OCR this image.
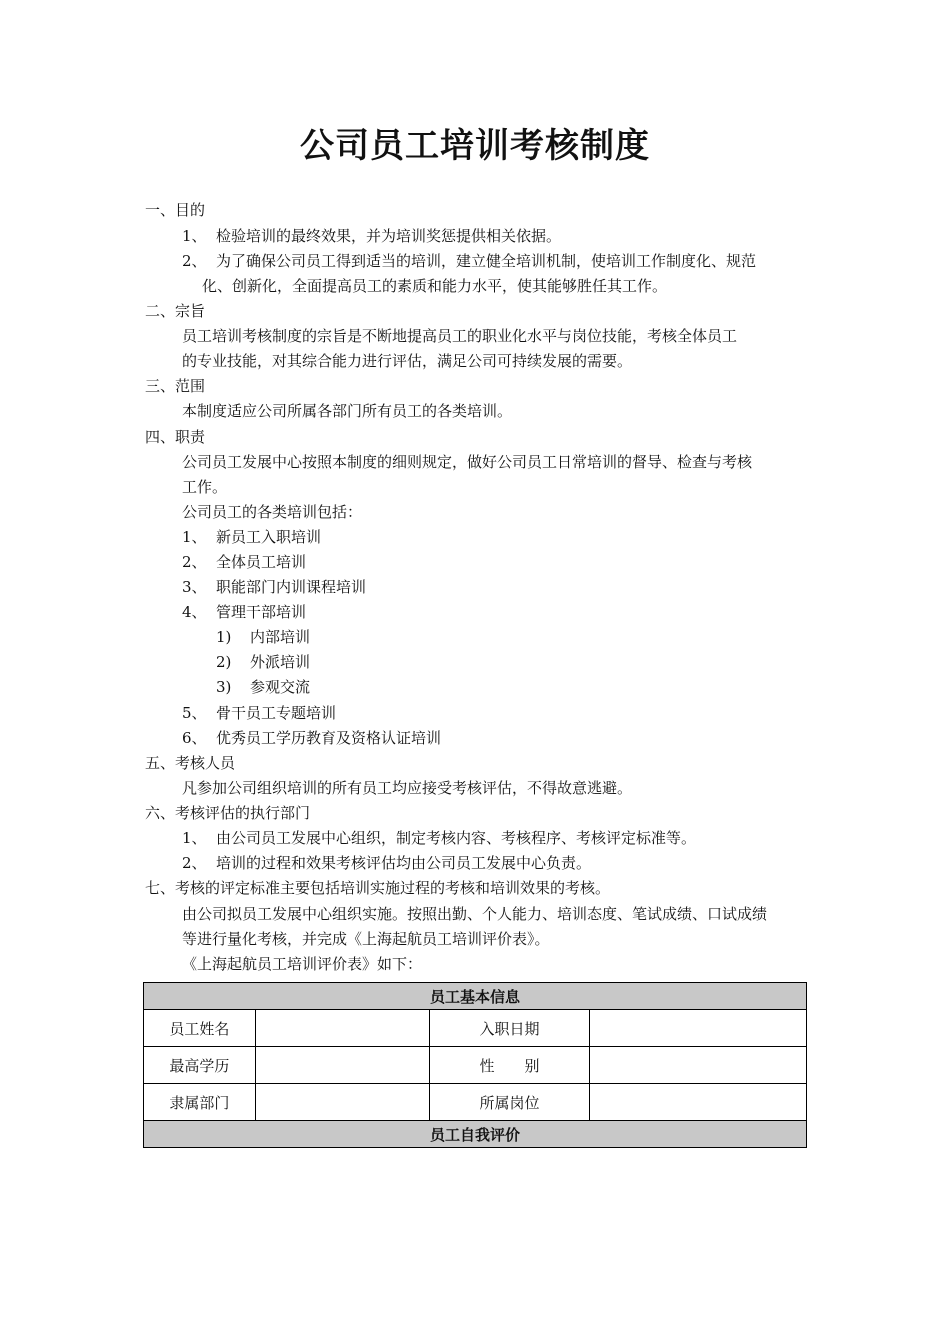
公司员工培训考核制度
一、目的
1、 检验培训的最终效果，并为培训奖惩提供相关依据。
2、 为了确保公司员工得到适当的培训，建立健全培训机制，使培训工作制度化、规范
化、创新化，全面提高员工的素质和能力水平，使其能够胜任其工作。
二、宗旨
员工培训考核制度的宗旨是不断地提高员工的职业化水平与岗位技能，考核全体员工
的专业技能，对其综合能力进行评估，满足公司可持续发展的需要。
三、范围
本制度适应公司所属各部门所有员工的各类培训。
四、职责
公司员工发展中心按照本制度的细则规定，做好公司员工日常培训的督导、检查与考核
工作。
公司员工的各类培训包括：
1、 新员工入职培训
2、 全体员工培训
3、 职能部门内训课程培训
4、 管理干部培训
1)	内部培训
2)	外派培训
3)	参观交流
5、 骨干员工专题培训
6、 优秀员工学历教育及资格认证培训
五、考核人员
凡参加公司组织培训的所有员工均应接受考核评估，不得故意逃避。
六、考核评估的执行部门
1、 由公司员工发展中心组织，制定考核内容、考核程序、考核评定标准等。
2、 培训的过程和效果考核评估均由公司员工发展中心负责。
七、考核的评定标准主要包括培训实施过程的考核和培训效果的考核。
由公司拟员工发展中心组织实施。按照出勤、个人能力、培训态度、笔试成绩、口试成绩
等进行量化考核，并完成《上海起航员工培训评价表》。
《上海起航员工培训评价表》如下：
员工基本信息			
员工姓名		入职日期	
最高学历		性　　别	
隶属部门		所属岗位	
员工自我评价			
